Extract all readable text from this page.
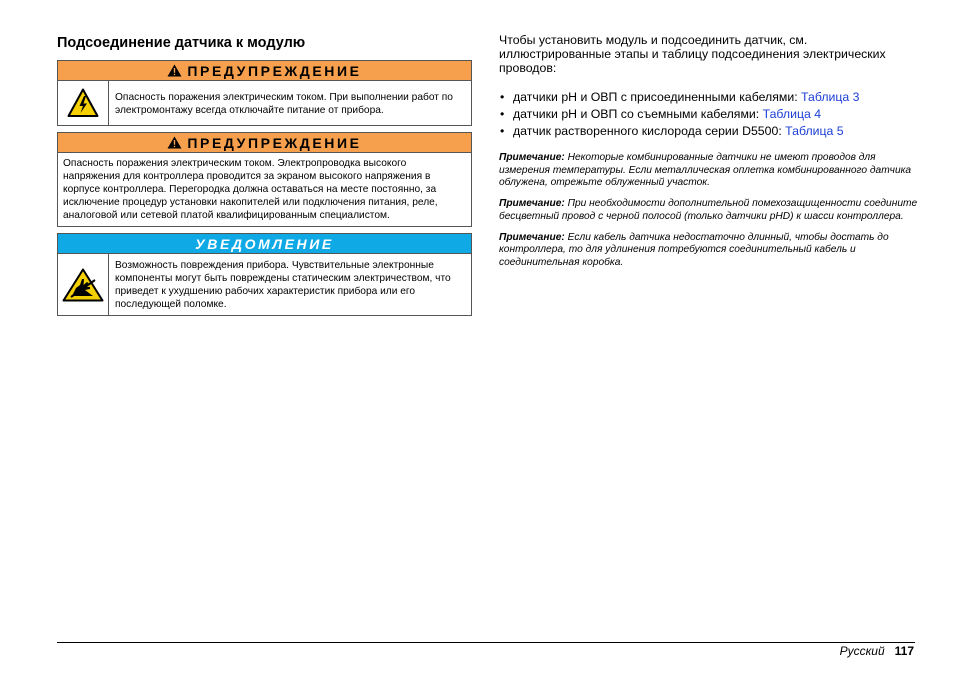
Подсоединение датчика к модулю
ПРЕДУПРЕЖДЕНИЕ
Опасность поражения электрическим током. При выполнении работ по электромонтажу всегда отключайте питание от прибора.
ПРЕДУПРЕЖДЕНИЕ
Опасность поражения электрическим током. Электропроводка высокого напряжения для контроллера проводится за экраном высокого напряжения в корпусе контроллера. Перегородка должна оставаться на месте постоянно, за исключение процедур установки накопителей или подключения питания, реле, аналоговой или сетевой платой квалифицированным специалистом.
УВЕДОМЛЕНИЕ
Возможность повреждения прибора. Чувствительные электронные компоненты могут быть повреждены статическим электричеством, что приведет к ухудшению рабочих характеристик прибора или его последующей поломке.

Чтобы установить модуль и подсоединить датчик, см. иллюстрированные этапы и таблицу подсоединения электрических проводов:

• датчики pH и ОВП с присоединенными кабелями: Таблица 3
• датчики pH и ОВП со съемными кабелями: Таблица 4
• датчик растворенного кислорода серии D5500: Таблица 5

Примечание: Некоторые комбинированные датчики не имеют проводов для измерения температуры. Если металлическая оплетка комбинированного датчика облужена, отрежьте облуженный участок.

Примечание: При необходимости дополнительной помехозащищенности соедините бесцветный провод с черной полосой (только датчики pHD) к шасси контроллера.

Примечание: Если кабель датчика недостаточно длинный, чтобы достать до контроллера, то для удлинения потребуются соединительный кабель и соединительная коробка.

Русский 117
